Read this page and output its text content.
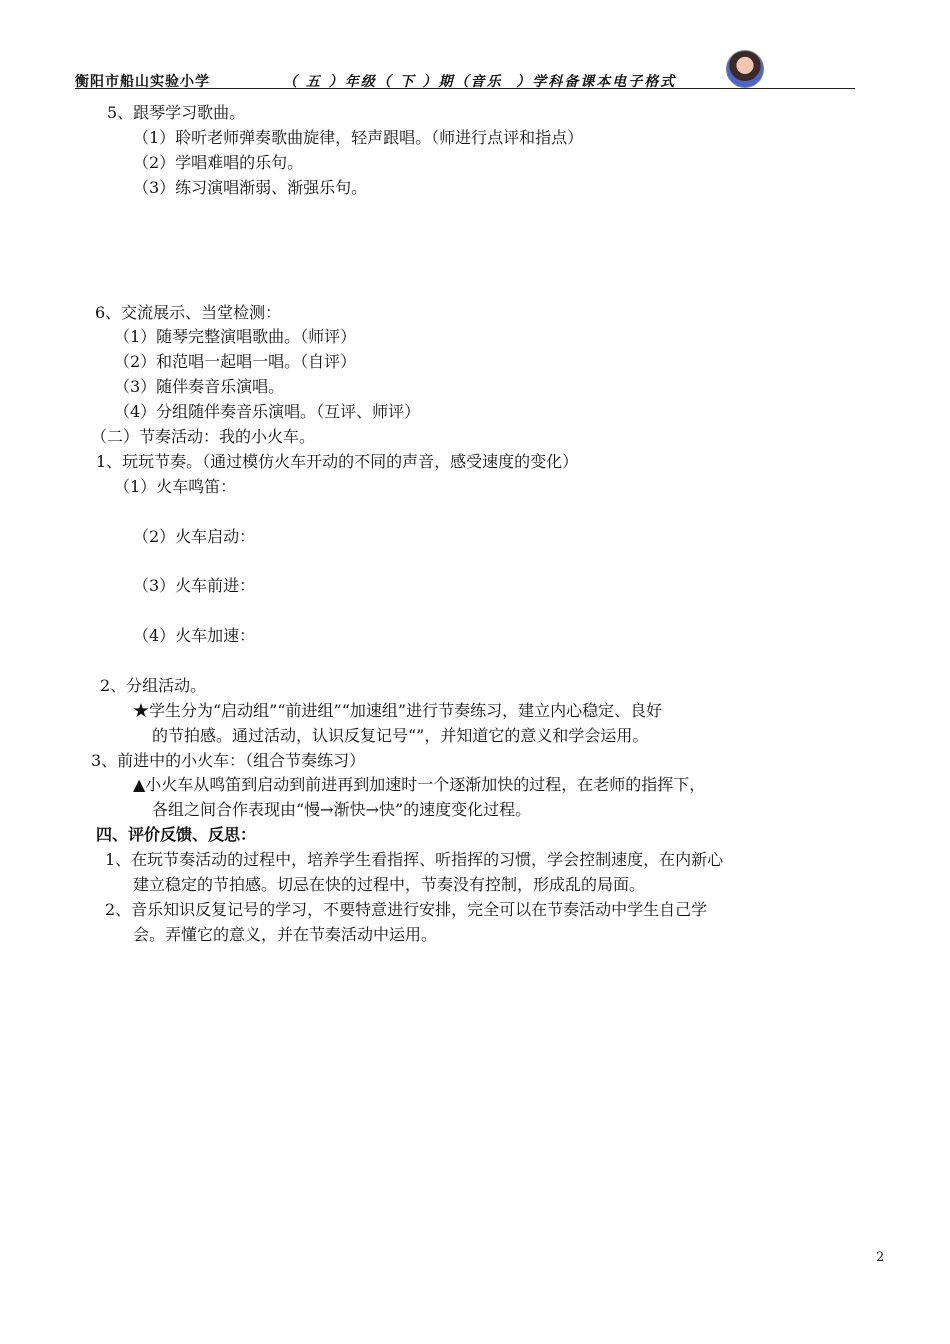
衡阳市船山实验小学	（ 五 ）年级（ 下 ）期（音乐  ）学科备课本电子格式
5、跟琴学习歌曲。
（1）聆听老师弹奏歌曲旋律，轻声跟唱。（师进行点评和指点）
（2）学唱难唱的乐句。
（3）练习演唱渐弱、渐强乐句。
6、交流展示、当堂检测：
（1）随琴完整演唱歌曲。（师评）
（2）和范唱一起唱一唱。（自评）
（3）随伴奏音乐演唱。
（4）分组随伴奏音乐演唱。（互评、师评）
（二）节奏活动：我的小火车。
1、玩玩节奏。（通过模仿火车开动的不同的声音，感受速度的变化）
（1）火车鸣笛：
（2）火车启动：
（3）火车前进：
（4）火车加速：
2、分组活动。
★学生分为“启动组”“前进组”“加速组”进行节奏练习，建立内心稳定、良好
的节拍感。通过活动，认识反复记号“”，并知道它的意义和学会运用。
3、前进中的小火车：（组合节奏练习）
▲小火车从鸣笛到启动到前进再到加速时一个逐渐加快的过程，在老师的指挥下，
各组之间合作表现由“慢→渐快→快”的速度变化过程。
四、评价反馈、反思：
1、在玩节奏活动的过程中，培养学生看指挥、听指挥的习惯，学会控制速度，在内新心
建立稳定的节拍感。切忌在快的过程中，节奏没有控制，形成乱的局面。
2、音乐知识反复记号的学习，不要特意进行安排，完全可以在节奏活动中学生自己学
会。弄懂它的意义，并在节奏活动中运用。
2
